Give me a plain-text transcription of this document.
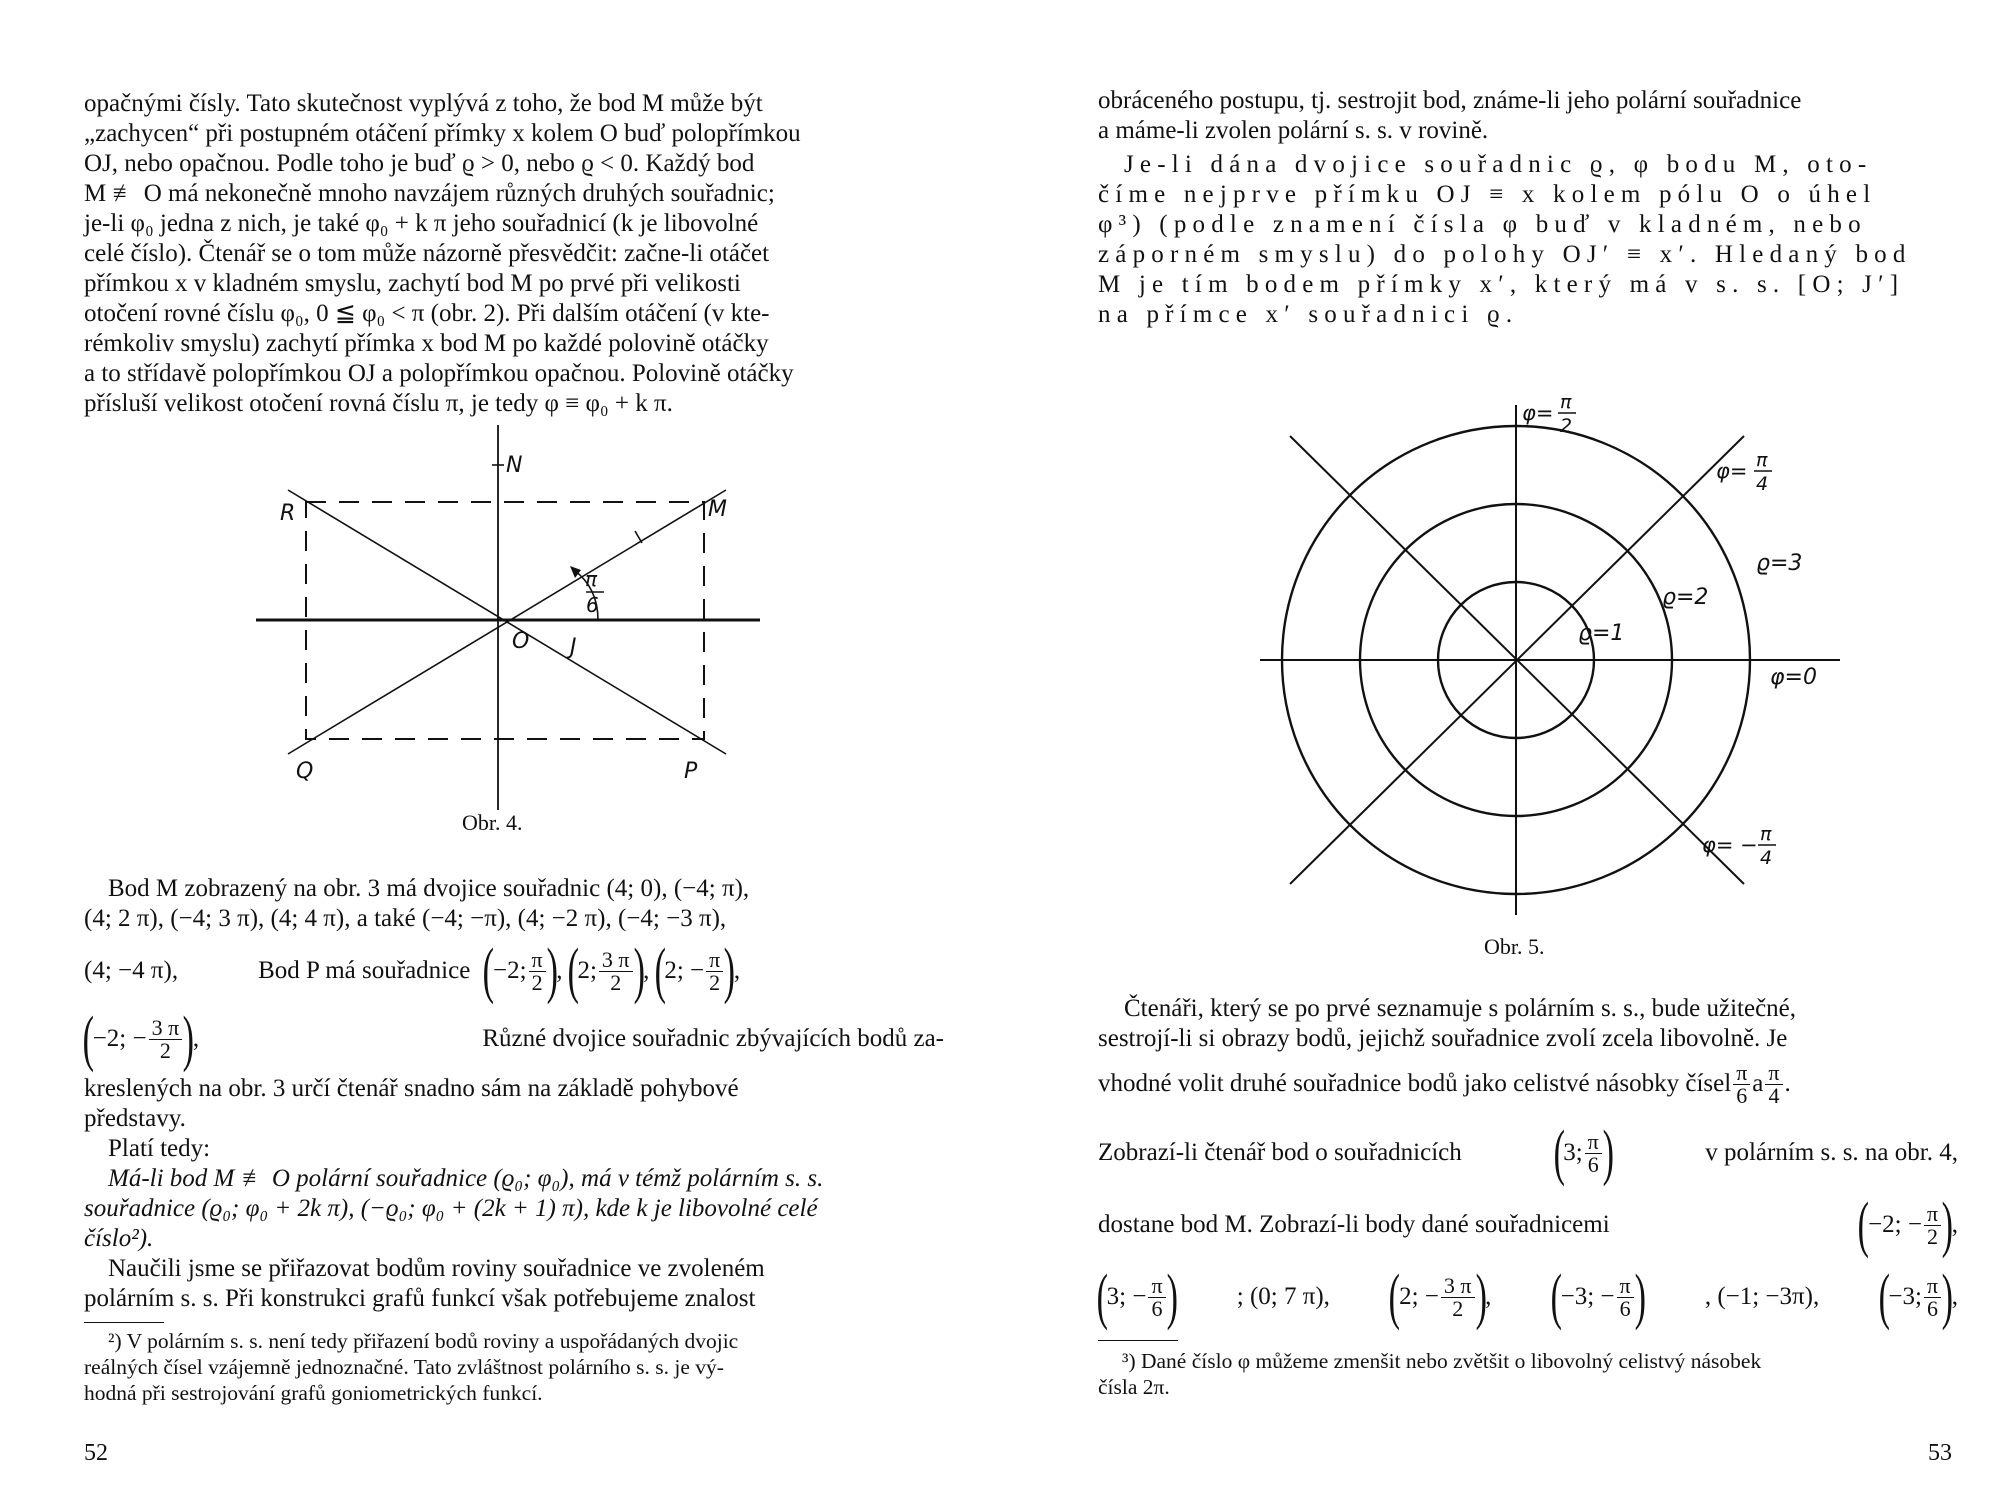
opačnými čísly. Tato skutečnost vyplývá z toho, že bod M může být
„zachycen“ při postupném otáčení přímky x kolem O buď polopřímkou
OJ, nebo opačnou. Podle toho je buď ϱ > 0, nebo ϱ < 0. Každý bod
M ≢ O má nekonečně mnoho navzájem různých druhých souřadnic;
je-li φ₀ jedna z nich, je také φ₀ + k π jeho souřadnicí (k je libovolné
celé číslo). Čtenář se o tom může názorně přesvědčit: začne-li otáčet
přímkou x v kladném smyslu, zachytí bod M po prvé při velikosti
otočení rovné číslu φ₀, 0 ≦ φ₀ < π (obr. 2). Při dalším otáčení (v kte-
rémkoliv smyslu) zachytí přímka x bod M po každé polovině otáčky
a to střídavě polopřímkou OJ a polopřímkou opačnou. Polovině otáčky
přísluší velikost otočení rovná číslu π, je tedy φ ≡ φ₀ + k π.
π
6
N
M
R
O J
Q	P
Obr. 4.
Bod M zobrazený na obr. 3 má dvojice souřadnic (4; 0), (−4; π),
(4; 2 π), (−4; 3 π), (4; 4 π), a také (−4; −π), (4; −2 π), (−4; −3 π),
(4; −4 π),	Bod P má souřadnice (
−2; $\frac{\pi}{2}$ )
,
(
2; $\frac{3 \pi}{2}$ )
,
(
2; − $\frac{\pi}{2}$ )
,
(
−2; − $\frac{3 \pi}{2}$ )
,	Různé dvojice souřadnic zbývajících bodů za-
kreslených na obr. 3 určí čtenář snadno sám na základě pohybové
představy.
Platí tedy:
Má-li bod M ≢ O polární souřadnice (ϱ₀; φ₀), má v témž polárním s. s.
souřadnice (ϱ₀; φ₀ + 2k π), (−ϱ₀; φ₀ + (2k + 1) π), kde k je libovolné celé
číslo²).
Naučili jsme se přiřazovat bodům roviny souřadnice ve zvoleném
polárním s. s. Při konstrukci grafů funkcí však potřebujeme znalost
²) V polárním s. s. není tedy přiřazení bodů roviny a uspořádaných dvojic
reálných čísel vzájemně jednoznačné. Tato zvláštnost polárního s. s. je vý-
hodná při sestrojování grafů goniometrických funkcí.
52
obráceného postupu, tj. sestrojit bod, známe-li jeho polární souřadnice
a máme-li zvolen polární s. s. v rovině.
Je-li dána dvojice souřadnic ϱ, φ bodu M, oto-
číme nejprve přímku OJ ≡ x kolem pólu O o úhel
φ³) (podle znamení čísla φ buď v kladném, nebo
záporném smyslu) do polohy OJ′ ≡ x′. Hledaný bod
M je tím bodem přímky x′, který má v s. s. [O; J′]
na přímce x′ souřadnici ϱ.
φ= π
2
φ= π
4
ϱ=3
ϱ=2
ϱ=1
φ=0
φ= − π
4
Obr. 5.
Čtenáři, který se po prvé seznamuje s polárním s. s., bude užitečné,
sestrojí-li si obrazy bodů, jejichž souřadnice zvolí zcela libovolně. Je
vhodné volit druhé souřadnice bodů jako celistvé násobky čísel $\frac{\pi}{6}$ a $\frac{\pi}{4}$ .
Zobrazí-li čtenář bod o souřadnicích (
3; $\frac{\pi}{6}$ )	v polárním s. s. na obr. 4,
dostane bod M. Zobrazí-li body dané souřadnicemi	(
−2; − $\frac{\pi}{2}$ )
,
(
3; − $\frac{\pi}{6}$ ) ; (0; 7 π), (
2; − $\frac{3 \pi}{2}$ )
, (
−3; − $\frac{\pi}{6}$ ) , (−1; −3π), (
−3; $\frac{\pi}{6}$ )
,
³) Dané číslo φ můžeme zmenšit nebo zvětšit o libovolný celistvý násobek
čísla 2π.
53
